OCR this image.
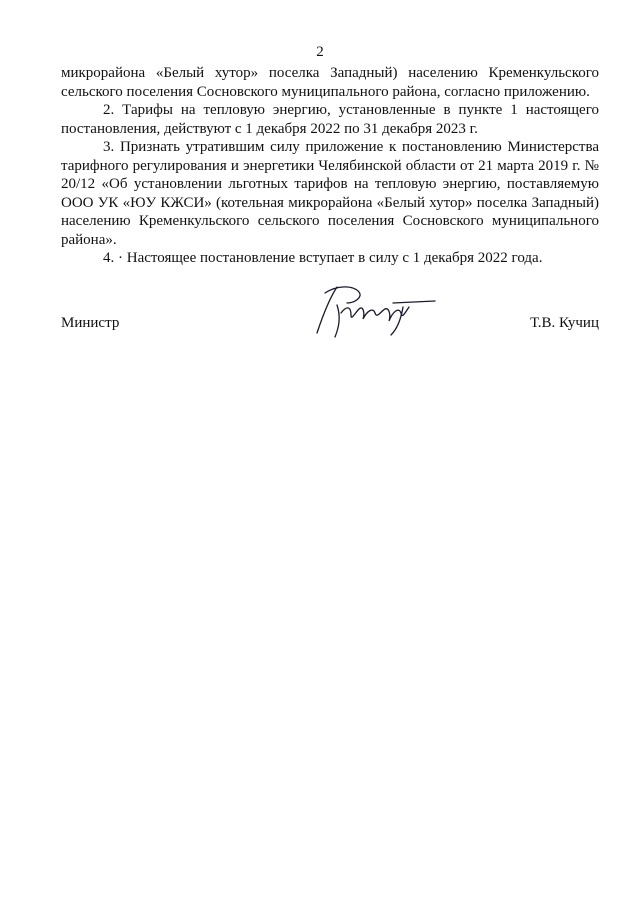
2

микрорайона «Белый хутор» поселка Западный) населению Кременкульского сельского поселения Сосновского муниципального района, согласно приложению.

2. Тарифы на тепловую энергию, установленные в пункте 1 настоящего постановления, действуют с 1 декабря 2022 по 31 декабря 2023 г.

3. Признать утратившим силу приложение к постановлению Министерства тарифного регулирования и энергетики Челябинской области от 21 марта 2019 г. № 20/12 «Об установлении льготных тарифов на тепловую энергию, поставляемую ООО УК «ЮУ КЖСИ» (котельная микрорайона «Белый хутор» поселка Западный) населению Кременкульского сельского поселения Сосновского муниципального района».

4. · Настоящее постановление вступает в силу с 1 декабря 2022 года.

Министр	Т.В. Кучиц
